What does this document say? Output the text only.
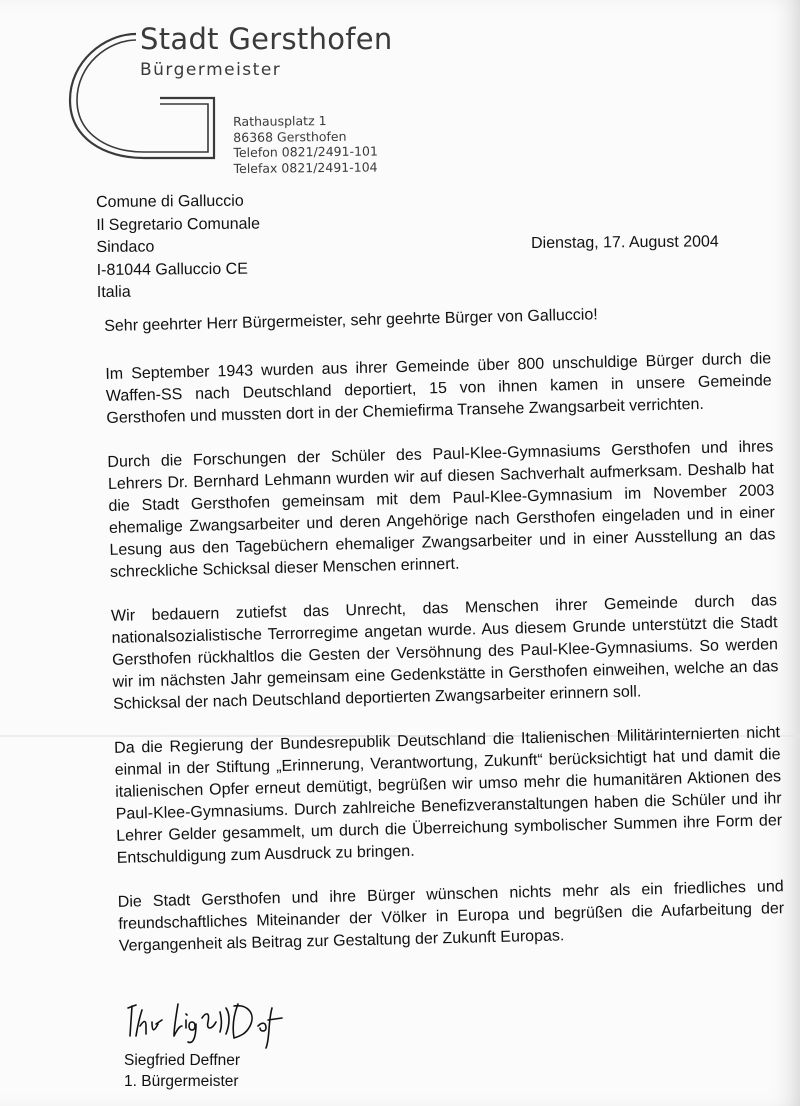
Stadt Gersthofen
Bürgermeister
Rathausplatz 1
86368 Gersthofen
Telefon 0821/2491-101
Telefax 0821/2491-104
Comune di Galluccio
Il Segretario Comunale
Sindaco
I-81044 Galluccio CE
Italia
Dienstag, 17. August 2004

Sehr geehrter Herr Bürgermeister, sehr geehrte Bürger von Galluccio!

Im September 1943 wurden aus ihrer Gemeinde über 800 unschuldige Bürger durch die Waffen-SS nach Deutschland deportiert, 15 von ihnen kamen in unsere Gemeinde Gersthofen und mussten dort in der Chemiefirma Transehe Zwangsarbeit verrichten.

Durch die Forschungen der Schüler des Paul-Klee-Gymnasiums Gersthofen und ihres Lehrers Dr. Bernhard Lehmann wurden wir auf diesen Sachverhalt aufmerksam. Deshalb hat die Stadt Gersthofen gemeinsam mit dem Paul-Klee-Gymnasium im November 2003 ehemalige Zwangsarbeiter und deren Angehörige nach Gersthofen eingeladen und in einer Lesung aus den Tagebüchern ehemaliger Zwangsarbeiter und in einer Ausstellung an das schreckliche Schicksal dieser Menschen erinnert.

Wir bedauern zutiefst das Unrecht, das Menschen ihrer Gemeinde durch das nationalsozialistische Terrorregime angetan wurde. Aus diesem Grunde unterstützt die Stadt Gersthofen rückhaltlos die Gesten der Versöhnung des Paul-Klee-Gymnasiums. So werden wir im nächsten Jahr gemeinsam eine Gedenkstätte in Gersthofen einweihen, welche an das Schicksal der nach Deutschland deportierten Zwangsarbeiter erinnern soll.

Da die Regierung der Bundesrepublik Deutschland die Italienischen Militärinternierten nicht einmal in der Stiftung „Erinnerung, Verantwortung, Zukunft“ berücksichtigt hat und damit die italienischen Opfer erneut demütigt, begrüßen wir umso mehr die humanitären Aktionen des Paul-Klee-Gymnasiums. Durch zahlreiche Benefizveranstaltungen haben die Schüler und ihr Lehrer Gelder gesammelt, um durch die Überreichung symbolischer Summen ihre Form der Entschuldigung zum Ausdruck zu bringen.

Die Stadt Gersthofen und ihre Bürger wünschen nichts mehr als ein friedliches und freundschaftliches Miteinander der Völker in Europa und begrüßen die Aufarbeitung der Vergangenheit als Beitrag zur Gestaltung der Zukunft Europas.

Siegfried Deffner
1. Bürgermeister
